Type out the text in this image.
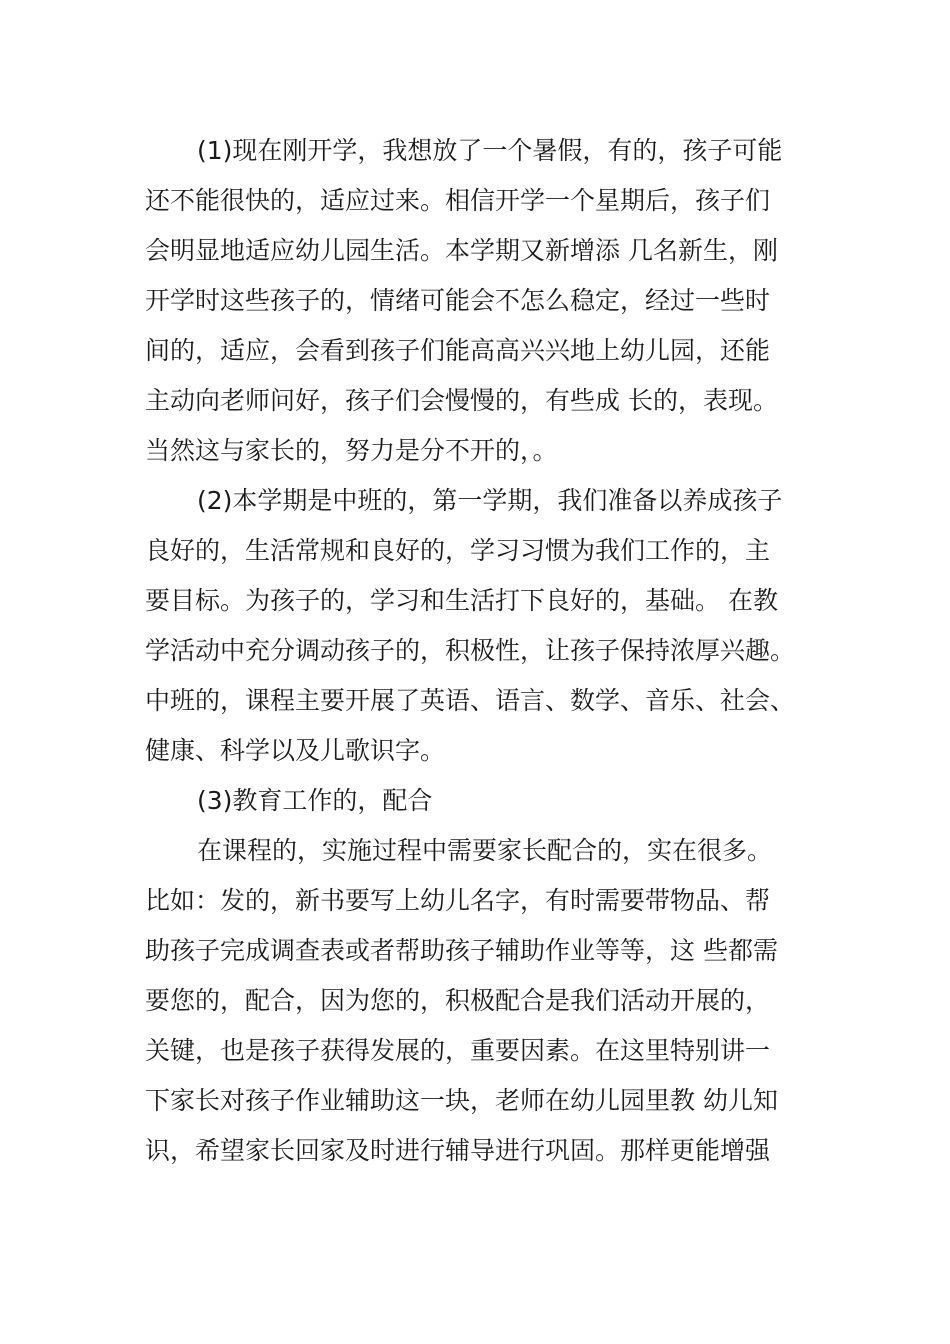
(1)现在刚开学，我想放了一个暑假，有的，孩子可能
还不能很快的，适应过来。相信开学一个星期后，孩子们
会明显地适应幼儿园生活。本学期又新增添 几名新生，刚
开学时这些孩子的，情绪可能会不怎么稳定，经过一些时
间的，适应，会看到孩子们能高高兴兴地上幼儿园，还能
主动向老师问好，孩子们会慢慢的，有些成 长的，表现。
当然这与家长的，努力是分不开的，。
(2)本学期是中班的，第一学期，我们准备以养成孩子
良好的，生活常规和良好的，学习习惯为我们工作的，主
要目标。为孩子的，学习和生活打下良好的，基础。 在教
学活动中充分调动孩子的，积极性，让孩子保持浓厚兴趣。
中班的，课程主要开展了英语、语言、数学、音乐、社会、
健康、科学以及儿歌识字。
(3)教育工作的，配合
在课程的，实施过程中需要家长配合的，实在很多。
比如：发的，新书要写上幼儿名字，有时需要带物品、帮
助孩子完成调查表或者帮助孩子辅助作业等等，这 些都需
要您的，配合，因为您的，积极配合是我们活动开展的，
关键，也是孩子获得发展的，重要因素。在这里特别讲一
下家长对孩子作业辅助这一块，老师在幼儿园里教 幼儿知
识，希望家长回家及时进行辅导进行巩固。那样更能增强
